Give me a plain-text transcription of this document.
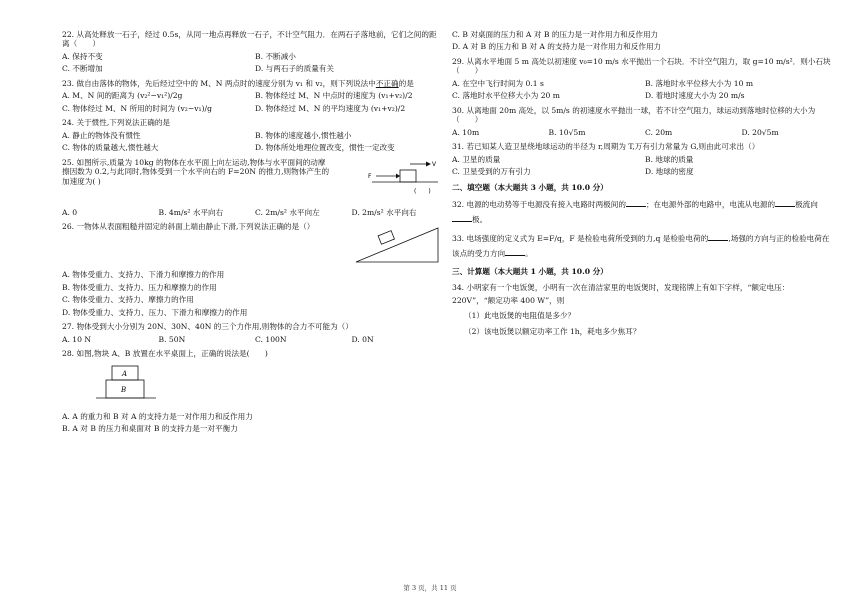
22. 从高处释放一石子，经过 0.5s，从同一地点再释放一石子，不计空气阻力．在两石子落地前，它们之间的距离（　　）
A. 保持不变	B. 不断减小
C. 不断增加	D. 与两石子的质量有关
23. 做自由落体的物体，先后经过空中的 M、N 两点时的速度分别为 v₁ 和 v₂，则下列说法中不正确的是
A. M、N 间的距离为 (v₂²−v₁²)/2g	B. 物体经过 M、N 中点时的速度为 (v₁+v₂)/2
C. 物体经过 M、N 所用的时间为 (v₂−v₁)/g	D. 物体经过 M、N 的平均速度为 (v₁+v₂)/2
24. 关于惯性,下列说法正确的是
A. 静止的物体没有惯性	B. 物体的速度越小,惯性越小
C. 物体的质量越大,惯性越大	D. 物体所处地理位置改变，惯性一定改变
25. 如图所示,质量为 10kg 的物体在水平面上向左运动,物体与水平面间的动摩擦因数为 0.2,与此同时,物体受到一个水平向右的 F=20N 的推力,则物体产生的加速度为( )
V
F
(　　)
A. 0	B. 4m/s² 水平向右	C. 2m/s² 水平向左	D. 2m/s² 水平向右
26. 一物体从表面粗糙并固定的斜面上端由静止下滑,下列说法正确的是（）
A. 物体受重力、支持力、下滑力和摩擦力的作用
B. 物体受重力、支持力、压力和摩擦力的作用
C. 物体受重力、支持力、摩擦力的作用
D. 物体受重力、支持力、压力、下滑力和摩擦力的作用
27. 物体受到大小分别为 20N、30N、40N 的三个力作用,则物体的合力不可能为（）
A. 10 N	B. 50N	C. 100N	D. 0N
28. 如图,物块 A、B 放置在水平桌面上，正确的说法是(　　)
A
B
A. A 的重力和 B 对 A 的支持力是一对作用力和反作用力
B. A 对 B 的压力和桌面对 B 的支持力是一对平衡力
C. B 对桌面的压力和 A 对 B 的压力是一对作用力和反作用力
D. A 对 B 的压力和 B 对 A 的支持力是一对作用力和反作用力
29. 从离水平地面 5 m 高处以初速度 v₀=10 m/s 水平抛出一个石块．不计空气阻力，取 g=10 m/s²．则小石块（　　）
A. 在空中飞行时间为 0.1 s	B. 落地时水平位移大小为 10 m
C. 落地时水平位移大小为 20 m	D. 着地时速度大小为 20 m/s
30. 从离地面 20m 高处，以 5m/s 的初速度水平抛出一球，若不计空气阻力，球运动到落地时位移的大小为（　　）
A. 10m	B. 10√5m	C. 20m	D. 20√5m
31. 若已知某人造卫星绕地球运动的半径为 r,周期为 T,万有引力常量为 G,则由此可求出（）
A. 卫星的质量	B. 地球的质量
C. 卫星受到的万有引力	D. 地球的密度
二、填空题（本大题共 3 小题，共 10.0 分）
32. 电源的电动势等于电源没有接入电路时两极间的	；在电源外部的电路中，电流从电源的	极流向极。
33. 电场强度的定义式为 E=F/q，F 是检验电荷所受到的力,q 是检验电荷的	,场强的方向与正的检验电荷在该点的受力方向	。
三、计算题（本大题共 1 小题，共 10.0 分）
34. 小明家有一个电饭煲，小明有一次在清洁家里的电饭煲时，发现铭牌上有如下字样，“额定电压：220V”，“额定功率 400 W”，则
（1）此电饭煲的电阻值是多少？
（2）该电饭煲以额定功率工作 1h，耗电多少焦耳？
第 3 页，共 11 页
